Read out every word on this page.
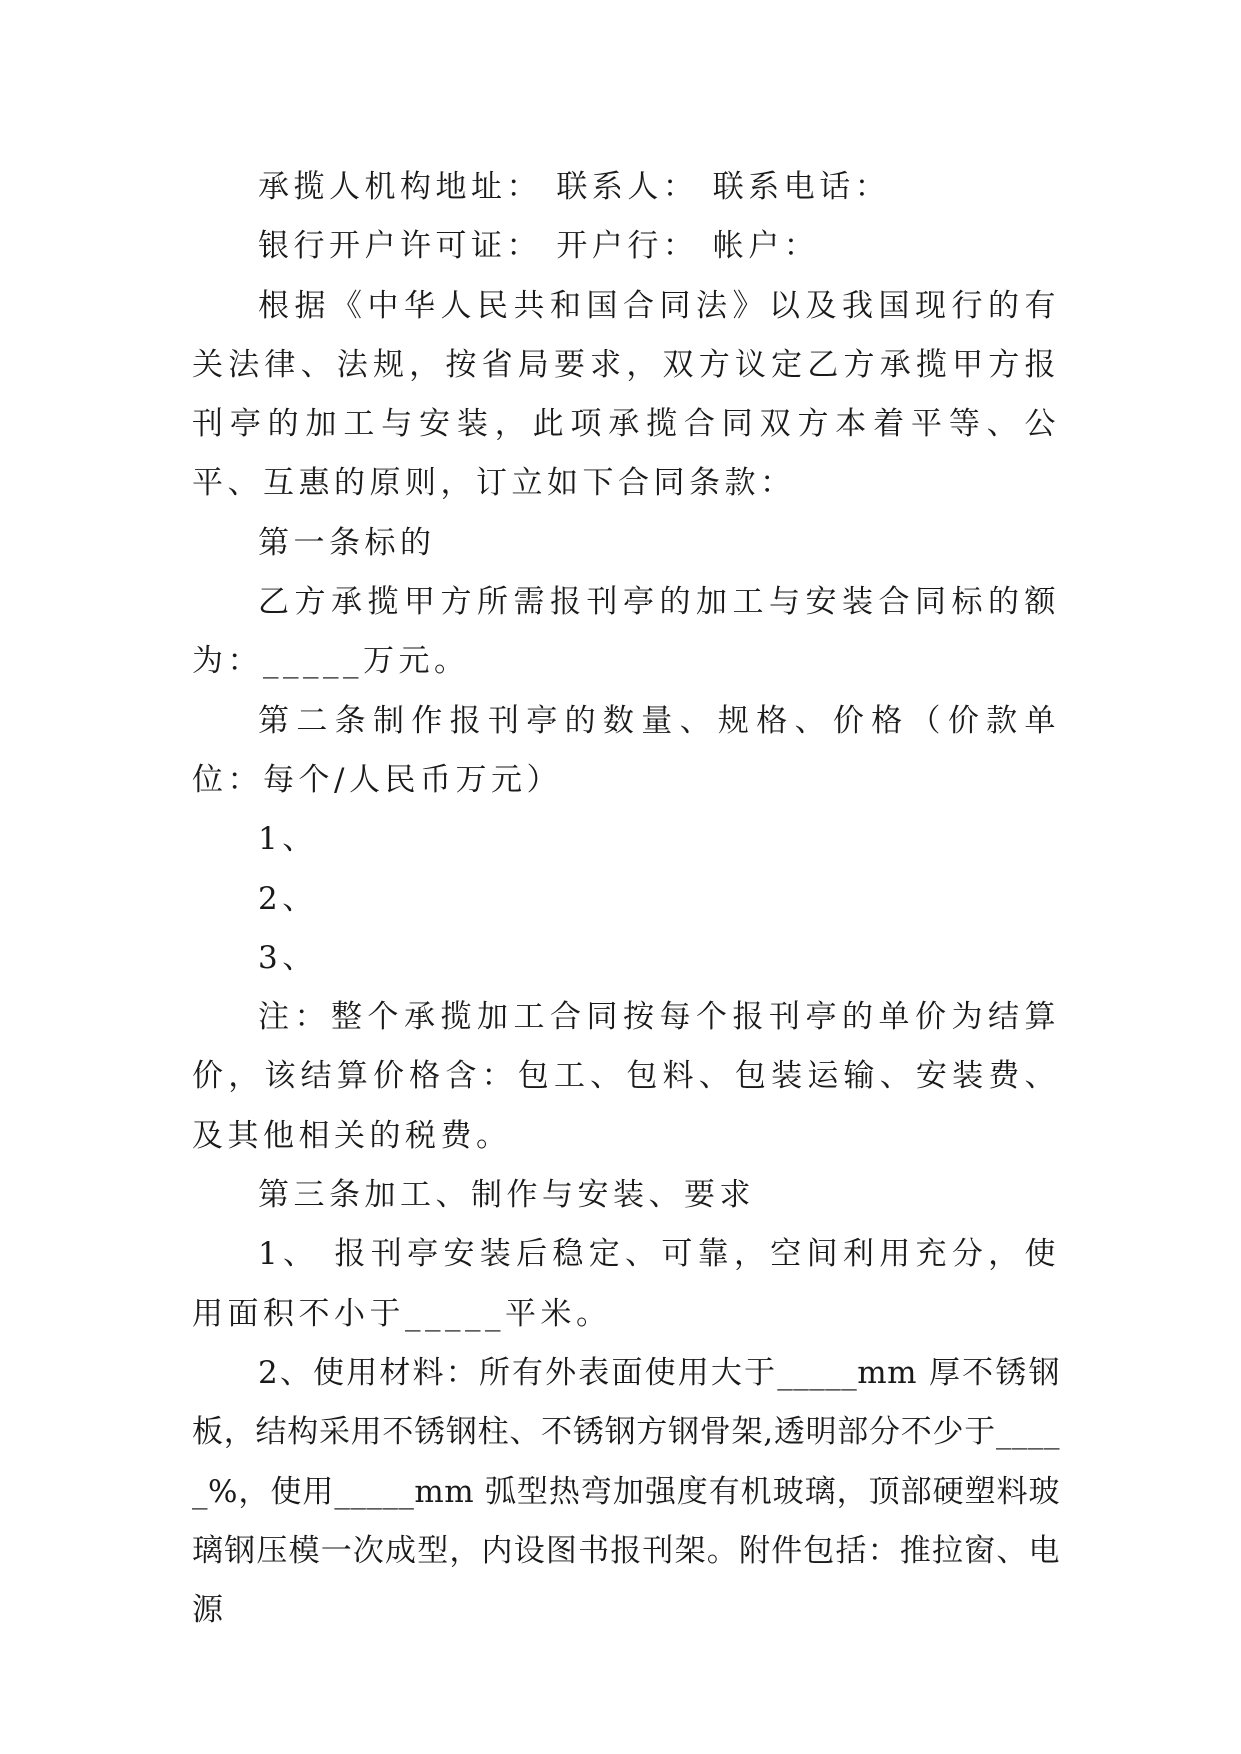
承揽人机构地址： 联系人： 联系电话：

银行开户许可证： 开户行： 帐户：

根据《中华人民共和国合同法》以及我国现行的有关法律、法规，按省局要求，双方议定乙方承揽甲方报刊亭的加工与安装，此项承揽合同双方本着平等、公平、互惠的原则，订立如下合同条款：

第一条标的

乙方承揽甲方所需报刊亭的加工与安装合同标的额为：_____万元。

第二条制作报刊亭的数量、规格、价格（价款单位：每个/人民币万元）

1、

2、

3、

注：整个承揽加工合同按每个报刊亭的单价为结算价，该结算价格含：包工、包料、包装运输、安装费、及其他相关的税费。

第三条加工、制作与安装、要求

1、 报刊亭安装后稳定、可靠，空间利用充分，使用面积不小于_____平米。

2、使用材料：所有外表面使用大于_____mm 厚不锈钢板，结构采用不锈钢柱、不锈钢方钢骨架,透明部分不少于_____%，使用_____mm 弧型热弯加强度有机玻璃，顶部硬塑料玻璃钢压模一次成型，内设图书报刊架。附件包括：推拉窗、电源
